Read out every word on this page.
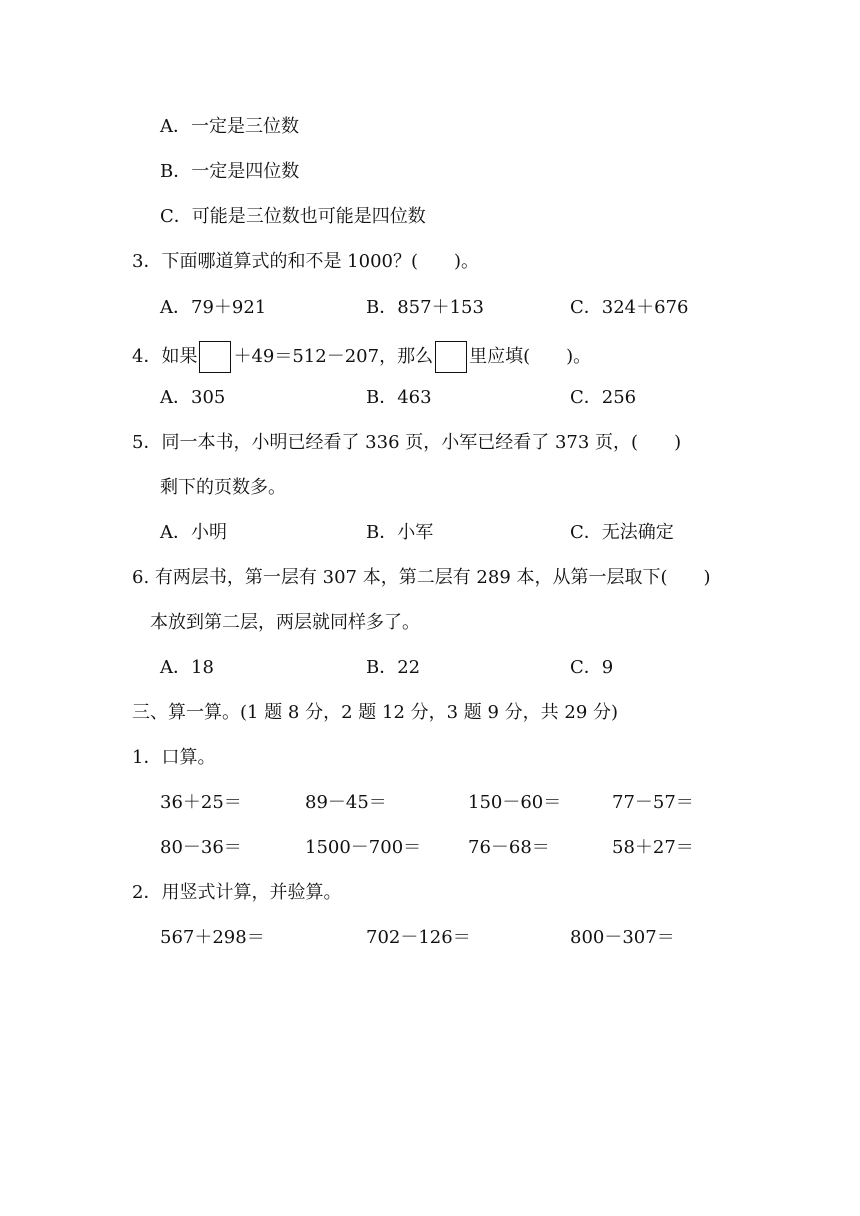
A．一定是三位数
B．一定是四位数
C．可能是三位数也可能是四位数
3．下面哪道算式的和不是 1000？(　　)。
A．79＋921	B．857＋153	C．324＋676
4．如果 ＋49＝512－207，那么 里应填(　　)。
A．305	B．463	C．256
5．同一本书，小明已经看了 336 页，小军已经看了 373 页，(　　)
剩下的页数多。
A．小明	B．小军	C．无法确定
6. 有两层书，第一层有 307 本，第二层有 289 本，从第一层取下(　　)
本放到第二层，两层就同样多了。
A．18	B．22	C．9
三、算一算。(1 题 8 分，2 题 12 分，3 题 9 分，共 29 分)
1．口算。
36＋25＝	89－45＝	150－60＝	77－57＝
80－36＝	1500－700＝	76－68＝	58＋27＝
2．用竖式计算，并验算。
567＋298＝	702－126＝	800－307＝
